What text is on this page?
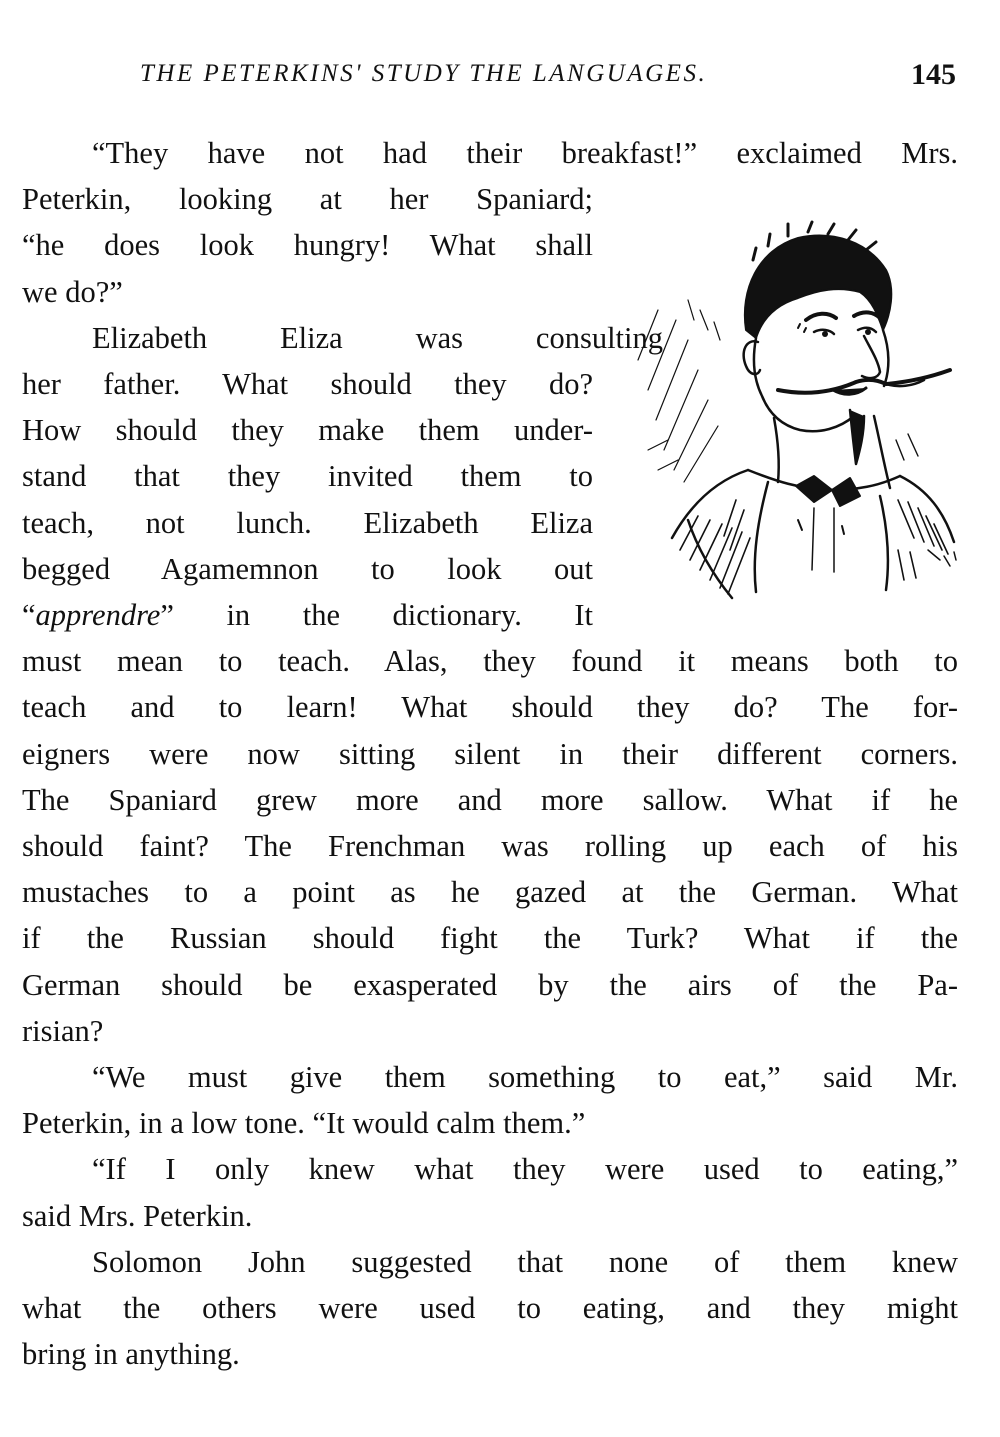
THE PETERKINS' STUDY THE LANGUAGES.	145
“They have not had their breakfast!” exclaimed Mrs.
Peterkin, looking at her Spaniard;
“he does look hungry! What shall
we do?”
Elizabeth Eliza was consulting
her father. What should they do?
How should they make them under-
stand that they invited them to
teach, not lunch. Elizabeth Eliza
begged Agamemnon to look out
“apprendre” in the dictionary. It
must mean to teach. Alas, they found it means both to
teach and to learn! What should they do? The for-
eigners were now sitting silent in their different corners.
The Spaniard grew more and more sallow. What if he
should faint? The Frenchman was rolling up each of his
mustaches to a point as he gazed at the German. What
if the Russian should fight the Turk? What if the
German should be exasperated by the airs of the Pa-
risian?
“We must give them something to eat,” said Mr.
Peterkin, in a low tone. “It would calm them.”
“If I only knew what they were used to eating,”
said Mrs. Peterkin.
Solomon John suggested that none of them knew
what the others were used to eating, and they might
bring in anything.
